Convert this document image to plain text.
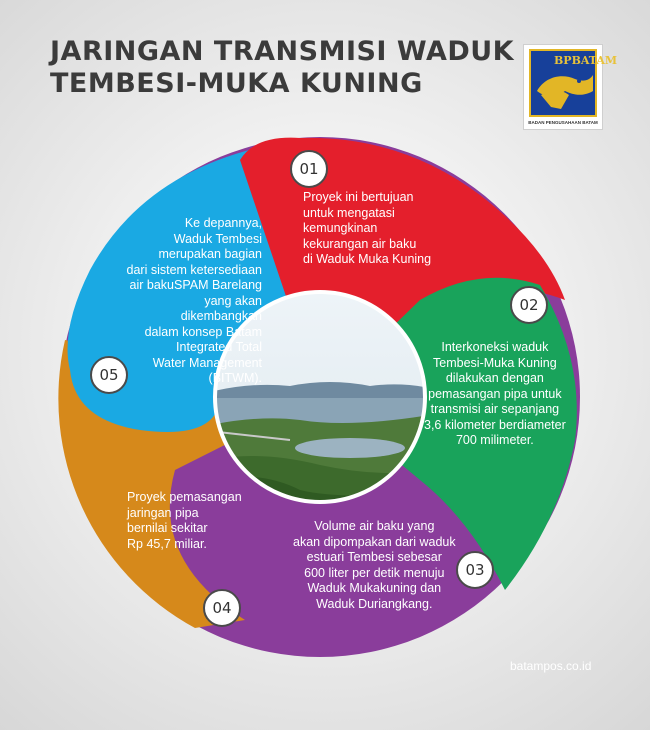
JARINGAN TRANSMISI WADUK
TEMBESI-MUKA KUNING
BPBATAM
BADAN PENGUSAHAAN BATAM

Proyek ini bertujuan
untuk mengatasi
kemungkinan
kekurangan air baku
di Waduk Muka Kuning

Interkoneksi waduk
Tembesi-Muka Kuning
dilakukan dengan
pemasangan pipa untuk
transmisi air sepanjang
3,6 kilometer berdiameter
700 milimeter.

Volume air baku yang
akan dipompakan dari waduk
estuari Tembesi sebesar
600 liter per detik menuju
Waduk Mukakuning dan
Waduk Duriangkang.

Proyek pemasangan
jaringan pipa
bernilai sekitar
Rp 45,7 miliar.

Ke depannya,
Waduk Tembesi
merupakan bagian
dari sistem ketersediaan
air bakuSPAM Barelang
yang akan dikembangkan
dalam konsep Batam
Integrated Total
Water Management
(BITWM).

01
02
03
04
05
batampos.co.id
